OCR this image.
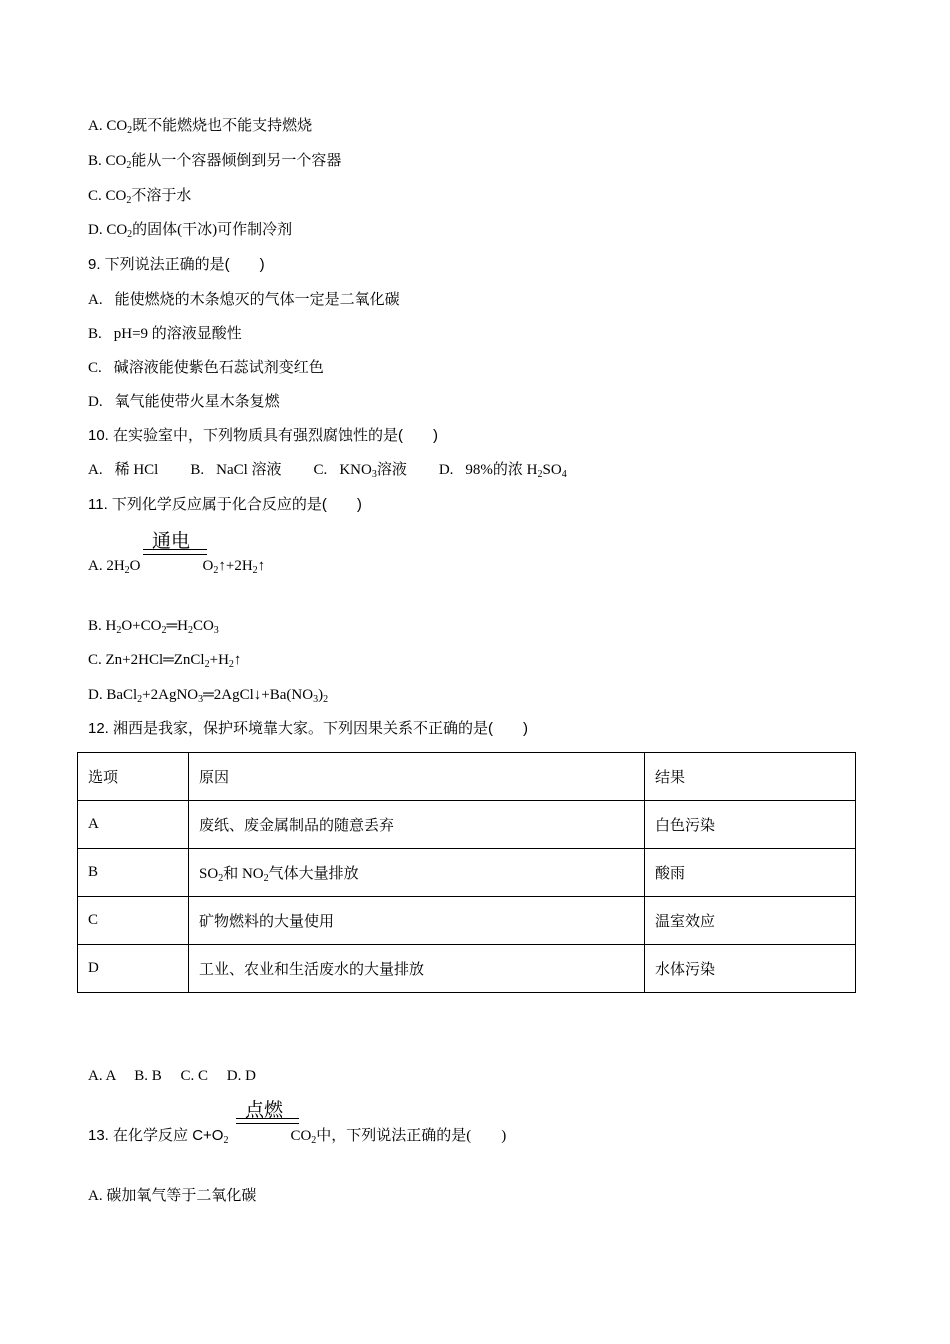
A. $CO_2$既不能燃烧也不能支持燃烧
B. $CO_2$能从一个容器倾倒到另一个容器
C. $CO_2$不溶于水
D. $CO_2$的固体(干冰)可作制冷剂
9. 下列说法正确的是(　　)
A. 能使燃烧的木条熄灭的气体一定是二氧化碳
B. pH=9 的溶液显酸性
C. 碱溶液能使紫色石蕊试剂变红色
D. 氧气能使带火星木条复燃
10. 在实验室中，下列物质具有强烈腐蚀性的是(　　)
A. 稀 HCl B. NaCl 溶液 C. $KNO_3$溶液 D. 98%的浓 $H_2SO_4$
11. 下列化学反应属于化合反应的是(　　)
通电
A. $2H_2O$	$O_2↑+2H_2↑$
B. $H_2O+CO_2═H_2CO_3$
C. $Zn+2HCl═ZnCl_2+H_2↑$
D. $BaCl_2+2AgNO_3═2AgCl↓+Ba(NO_3)_2$
12. 湘西是我家，保护环境靠大家。下列因果关系不正确的是(　　)
选项	原因	结果
A	废纸、废金属制品的随意丢弃	白色污染
B	$SO_2$和 $NO_2$气体大量排放	酸雨
C	矿物燃料的大量使用	温室效应
D	工业、农业和生活废水的大量排放	水体污染
A. A　 B. B　 C. C　 D. D
点燃
13. 在化学反应 $C+O_2$	$CO_2$中，下列说法正确的是(　　)
A. 碳加氧气等于二氧化碳
